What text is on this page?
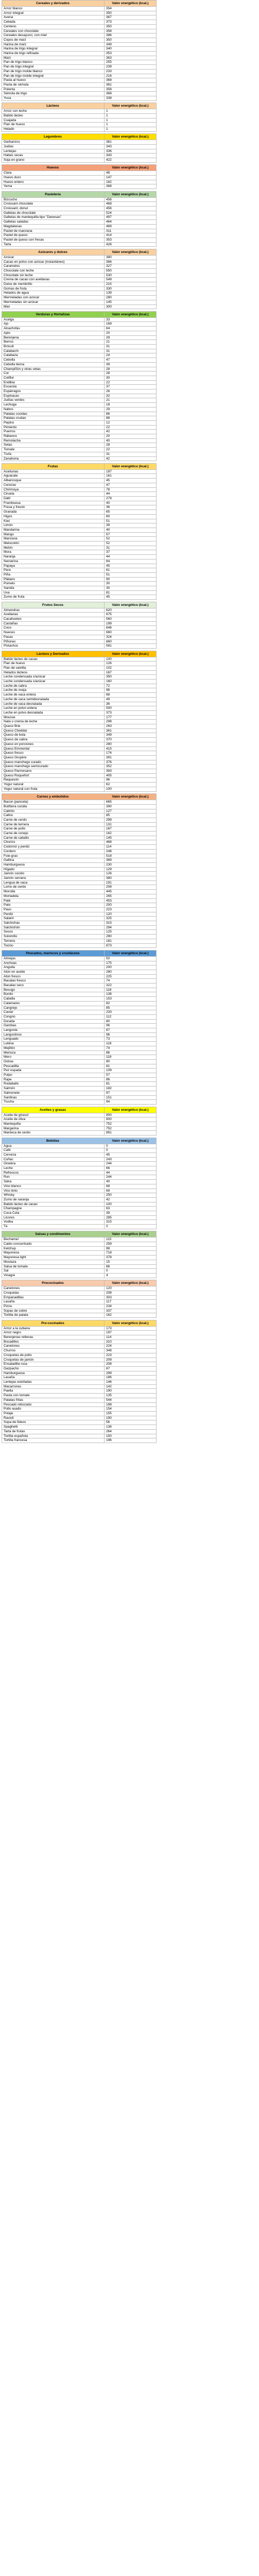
Cereales y derivados	Valor energético (kcal.)
Arroz blanco	354
Arroz integral	350
Avena	367
Cebada	373
Centeno	350
Cereales con chocolate	358
Cereales desayuno, con miel	386
Copos de maíz	350
Harina de maíz	349
Harina de trigo integral	340
Harina de trigo refinada	353
Maíz	363
Pan de trigo blanco	255
Pan de trigo integral	239
Pan de trigo molde blanco	233
Pan de trigo molde integral	216
Pasta al huevo	368
Pasta de sémola	361
Polenta	358
Sémola de trigo	368
Yuca	338

Lácteos	Valor energético (kcal.)
Arroz con leche	1
Batido lácteo	1
Cuajada	1
Flan de huevo	1
Helado	1

Legumbres	Valor energético (kcal.)
Garbanzos	361
Judías	343
Lentejas	336
Habas secas	343
Soja en grano	422

Huevos	Valor energético (kcal.)
Clara	48
Huevo duro	147
Huevo entero	162
Yema	368

Pastelería	Valor energético (kcal.)
Bizcocho	456
Croissant chocolate	469
Croissant, donut	456
Galletas de chocolate	524
Galletas de mantequilla tipo "Danesas"	497
Galletas saladas	464
Magdalenas	469
Pastel de manzana	311
Pastel de queso	414
Pastel de queso con fresas	353
Tarta	426

Azúcares y dulces	Valor energético (kcal.)
Azúcar	380
Cacao en polvo con azúcar (instantáneo)	366
Caramelos	327
Chocolate con leche	550
Chocolate sin leche	530
Crema de cacao con avellanas	549
Dulce de membrillo	215
Gomas de fruta	330
Helados de agua	139
Mermeladas con azúcar	280
Mermeladas sin azúcar	145
Miel	300

Verduras y Hortalizas	Valor energético (kcal.)
Acelga	33
Ajo	169
Alcachofas	64
Apio	20
Berenjena	29
Berros	21
Brócoli	31
Calabacín	31
Calabaza	24
Cebolla	47
Cebolla tierna	39
Champiñón y otras setas	28
Col	28
Coliflor	30
Endibia	22
Escarola	37
Espárragos	26
Espinacas	32
Judías verdes	21
Lechuga	18
Nabos	29
Patatas cocidas	86
Patatas crudas	88
Pepino	12
Pimiento	22
Puerros	42
Rábanos	20
Remolacha	40
Setas	28
Tomate	22
Trufa	31
Zanahoria	42

Frutas	Valor energético (kcal.)
Aceitunas	187
Aguacate	161
Albaricoque	45
Cerezas	47
Chirimoya	78
Ciruela	44
Dátil	279
Frambuesa	40
Fresa y fresón	36
Granada	65
Higos	80
Kiwi	51
Limón	39
Mandarina	40
Mango	57
Manzana	52
Melocotón	52
Melón	31
Mora	37
Naranja	44
Nectarina	64
Papaya	45
Pera	61
Piña	51
Plátano	90
Pomelo	30
Sandía	30
Uva	81
Zumo de fruta	45

Frutos Secos	Valor energético (kcal.)
Almendras	620
Avellanas	675
Cacahuetes	560
Castañas	199
Coco	646
Nueces	660
Pasas	324
Piñones	660
Pistachos	581

Lácteos y Derivados	Valor energético (kcal.)
Batido lácteo de cacao	100
Flan de huevo	126
Flan de vainilla	102
Helados lácteos	167
Leche condensada c/azúcar	350
Leche condensada s/azúcar	160
Leche de cabra	72
Leche de oveja	96
Leche de vaca entera	68
Leche de vaca semidesnatada	49
Leche de vaca desnatada	36
Leche en polvo entera	500
Leche en polvo desnatada	373
Mousse	177
Nata o crema de leche	298
Queso Brie	263
Queso Cheddar	381
Queso de bola	349
Queso de cabra	370
Queso en porciones	280
Queso Emmental	415
Queso fresco	174
Queso Gruyère	391
Queso manchego curado	376
Queso manchego semicurado	352
Queso Parmesano	393
Queso Roquefort	405
Requesón	96
Yogur natural	62
Yogur natural con fruta	100

Carnes y embutidos	Valor energético (kcal.)
Bacon (panceta)	665
Butifarra cocida	390
Cabrito	127
Callos	85
Carne de cerdo	299
Carne de ternera	131
Carne de pollo	167
Carne de conejo	162
Carne de caballo	145
Chorizo	468
Codorniz y perdiz	114
Cordero	248
Foie-gras	518
Gallina	369
Hamburguesa	230
Hígado	129
Jamón cocido	126
Jamón serrano	380
Lengua de vaca	191
Lomo de cerdo	208
Morcilla	445
Mortadela	265
Paté	453
Pato	200
Pavo	223
Perdiz	120
Salami	325
Salchichas	315
Salchichón	294
Sesos	125
Solomillo	290
Ternera	181
Tocino	673

Pescados, mariscos y crustáceos	Valor energético (kcal.)
Almejas	50
Anchoas	175
Anguila	200
Atún en aceite	280
Atún fresco	225
Bacalao fresco	74
Bacalao seco	322
Besugo	118
Bonito	138
Caballa	153
Calamares	82
Cangrejo	85
Caviar	233
Congrio	112
Dorada	80
Gambas	96
Langosta	67
Langostinos	96
Lenguado	73
Lubina	118
Mejillón	74
Merluza	86
Mero	118
Ostras	80
Pescadilla	81
Pez espada	109
Pulpo	57
Rape	86
Rodaballo	81
Salmón	182
Salmonete	97
Sardinas	151
Trucha	94

Aceites y grasas	Valor energético (kcal.)
Aceite de girasol	900
Aceite de oliva	900
Mantequilla	752
Margarina	752
Manteca de cerdo	891

Bebidas	Valor energético (kcal.)
Agua	0
Café	0
Cerveza	45
Coñac	243
Ginebra	244
Leche	66
Refrescos	44
Ron	244
Sidra	40
Vino blanco	68
Vino tinto	69
Whisky	250
Zumo de naranja	42
Batido lácteo de cacao	100
Champagne	63
Coca Cola	39
Licores	285
Vodka	315
Té	0

Salsas y condimentos	Valor energético (kcal.)
Bechamel	115
Caldo concentrado	259
Ketchup	98
Mayonesa	718
Mayonesa light	378
Mostaza	15
Salsa de tomate	86
Sal	0
Vinagre	4

Precocinados	Valor energético (kcal.)
Canelones	120
Croquetas	208
Empanadillas	303
Lasaña	117
Pizza	234
Sopas de sobre	337
Tortilla de patata	162

Pre-cocinados	Valor energético (kcal.)
Arroz a la cubana	173
Arroz negro	197
Berenjenas rellenas	114
Bocadillos	310
Canelones	224
Churros	348
Croquetas de pollo	223
Croquetas de jamón	209
Ensaladilla rusa	208
Gazpacho	67
Hamburguesa	299
Lasaña	186
Lentejas estofadas	146
Macarrones	142
Paella	190
Pasta con tomate	135
Patatas fritas	544
Pescado rebozado	198
Pollo asado	154
Potaje	155
Ravioli	190
Sopa de fideos	56
Spaghetti	136
Tarta de frutas	264
Tortilla española	150
Tortilla francesa	196
